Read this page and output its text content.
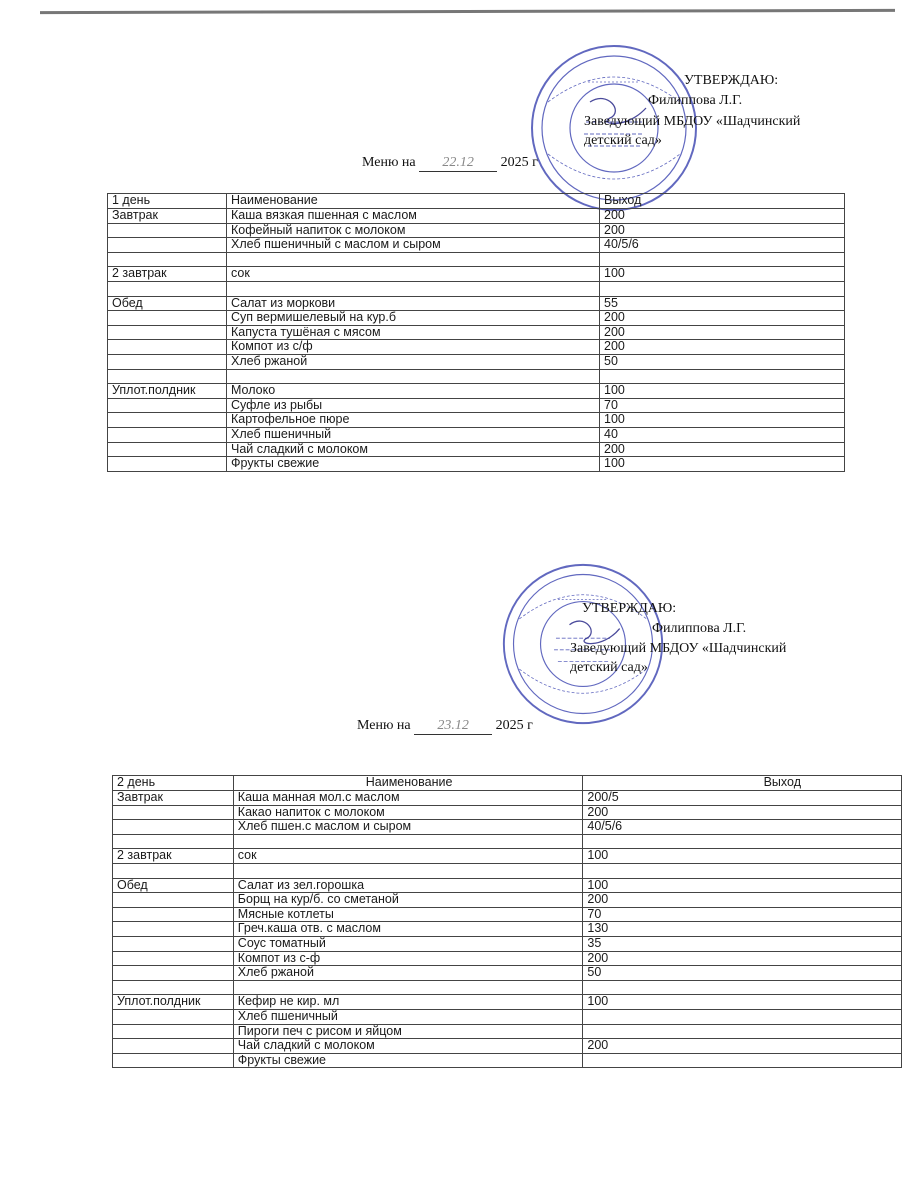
УТВЕРЖДАЮ:
Филиппова Л.Г.
Заведующий МБДОУ «Шадчинский
детский сад»
Меню на 22.12 2025 г
1 день	Наименование	Выход
Завтрак	Каша вязкая пшенная с маслом	200
	Кофейный напиток с молоком	200
	Хлеб пшеничный с маслом и сыром	40/5/6

2 завтрак	сок	100

Обед	Салат из моркови	55
	Суп вермишелевый на кур.б	200
	Капуста тушёная с мясом	200
	Компот из с/ф	200
	Хлеб ржаной	50

Уплот.полдник	Молоко	100
	Суфле из рыбы	70
	Картофельное пюре	100
	Хлеб пшеничный	40
	Чай сладкий с молоком	200
	Фрукты свежие	100
УТВЕРЖДАЮ:
Филиппова Л.Г.
Заведующий МБДОУ «Шадчинский
детский сад»
Меню на 23.12 2025 г
2 день	Наименование	Выход
Завтрак	Каша манная мол.с маслом	200/5
	Какао напиток с молоком	200
	Хлеб пшен.с маслом и сыром	40/5/6

2 завтрак	сок	100

Обед	Салат из зел.горошка	100
	Борщ на кур/б. со сметаной	200
	Мясные котлеты	70
	Греч.каша отв. с маслом	130
	Соус томатный	35
	Компот из с-ф	200
	Хлеб ржаной	50

Уплот.полдник	Кефир не кир. мл	100
	Хлеб пшеничный	
	Пироги печ с рисом и яйцом	
	Чай сладкий с молоком	200
	Фрукты свежие	
